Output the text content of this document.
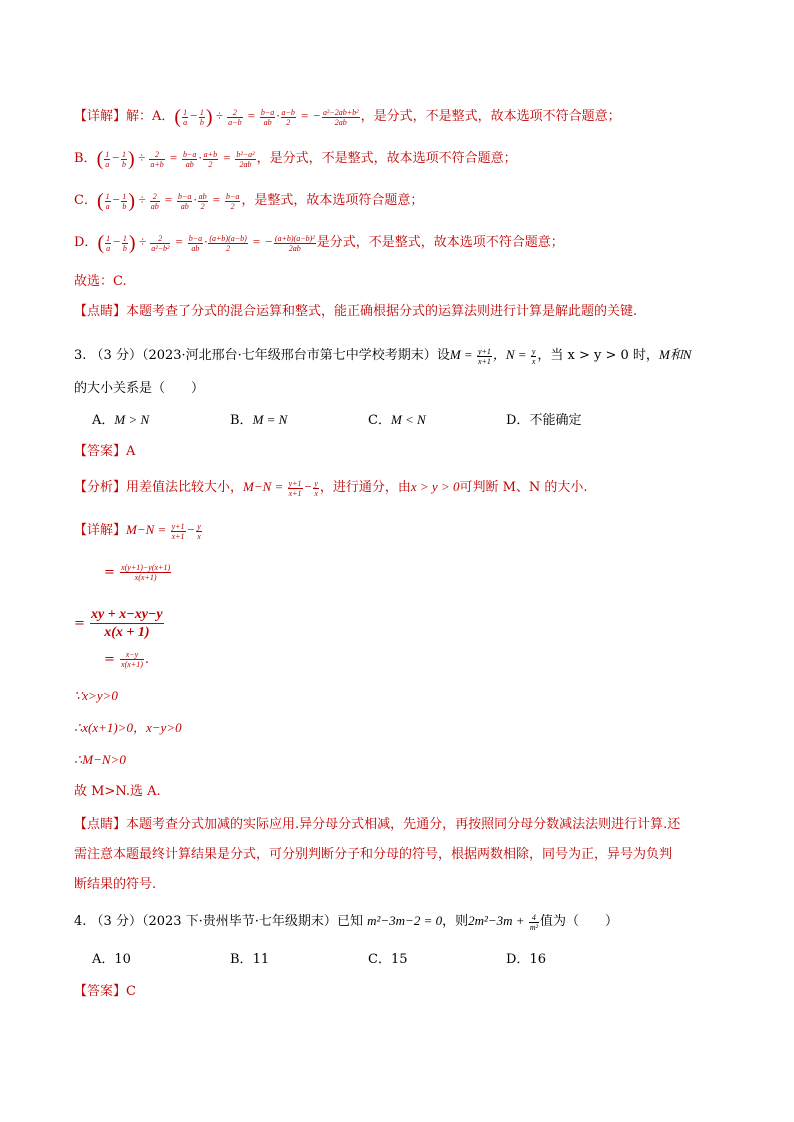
【详解】解：A．( $\frac{1}{a} - \frac{1}{b}$ ) ÷ $\frac{2}{a-b} = \frac{b-a}{ab} \cdot \frac{a-b}{2}$ = − $\frac{\text{a²−2ab+b²}}{2ab}$ ，是分式，不是整式，故本选项不符合题意；
B．( $\frac{1}{a} - \frac{1}{b}$ ) ÷ $\frac{2}{a+b} = \frac{b-a}{ab} \cdot \frac{a+b}{2} = \frac{\text{b²−a²}}{2ab}$ ，是分式，不是整式，故本选项不符合题意；
C．( $\frac{1}{a} - \frac{1}{b}$ ) ÷ $\frac{2}{ab} = \frac{b-a}{ab} \cdot \frac{ab}{2} = \frac{b-a}{2}$ ，是整式，故本选项符合题意；
D．( $\frac{1}{a} - \frac{1}{b}$ ) ÷ $\frac{2}{\text{a²−b²}} = \frac{b-a}{ab} \cdot \frac{(a+b)(a-b)}{2}$ = − $\frac{\text{(a+b)(a−b)²}}{2ab}$ 是分式，不是整式，故本选项不符合题意；
故选：C.
【点睛】本题考查了分式的混合运算和整式，能正确根据分式的运算法则进行计算是解此题的关键.
3. （3 分）（2023·河北邢台·七年级邢台市第七中学校考期末）设$M = \frac{y+1}{x+1}$ ，$N = \frac{y}{x}$ ，当 x > y > 0 时，M和N
的大小关系是（　　）
A．M > N	B．M = N	C．M < N	D．不能确定
【答案】A
【分析】用差值法比较大小，$M-N = \frac{y+1}{x+1} - \frac{y}{x}$ ，进行通分，由x > y > 0可判断 M、N 的大小.
【详解】$M-N = \frac{y+1}{x+1} - \frac{y}{x}$
= $\frac{x(y+1)-y(x+1)}{x(x+1)}$
= $\frac{xy + x-xy-y}{x(x + 1)}$
= $\frac{x-y}{x(x+1)}$ .
∵x>y>0
∴x(x+1)>0，x−y>0
∴M−N>0
故 M>N.选 A.
【点睛】本题考查分式加减的实际应用.异分母分式相减，先通分，再按照同分母分数减法法则进行计算.还
需注意本题最终计算结果是分式，可分别判断分子和分母的符号，根据两数相除，同号为正，异号为负判
断结果的符号.
4. （3 分）（2023 下·贵州毕节·七年级期末）已知 m²−3m−2 = 0，则$2m^2-3m + \frac{4}{\text{m²}}$ 值为（　　）
A．10	B．11	C．15	D．16
【答案】C
